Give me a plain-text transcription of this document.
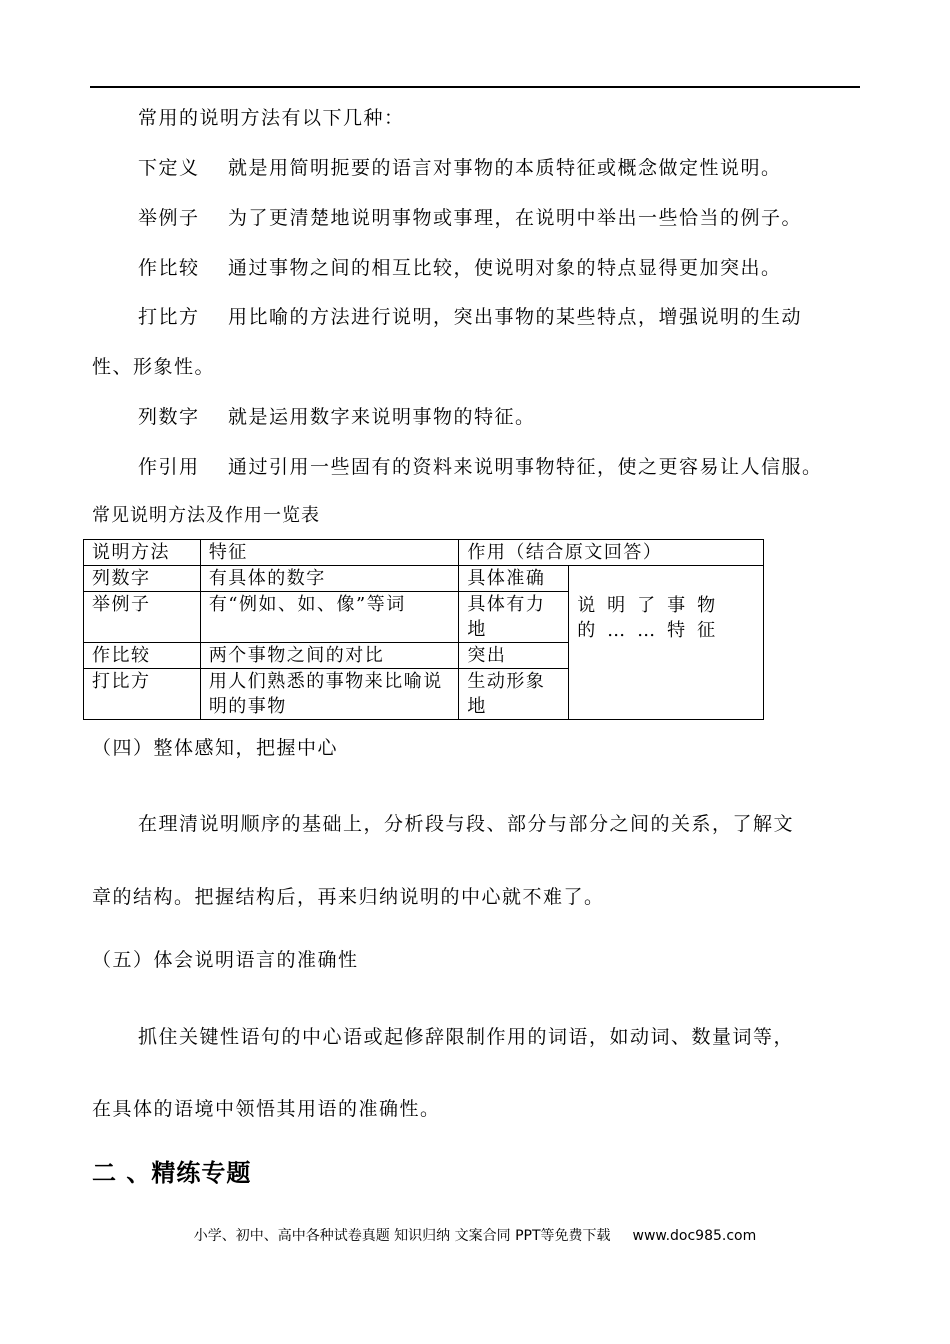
常用的说明方法有以下几种：
下定义 就是用简明扼要的语言对事物的本质特征或概念做定性说明。
举例子 为了更清楚地说明事物或事理，在说明中举出一些恰当的例子。
作比较 通过事物之间的相互比较，使说明对象的特点显得更加突出。
打比方 用比喻的方法进行说明，突出事物的某些特点，增强说明的生动
性、形象性。
列数字 就是运用数字来说明事物的特征。
作引用 通过引用一些固有的资料来说明事物特征，使之更容易让人信服。
常见说明方法及作用一览表
说明方法	特征	作用（结合原文回答）	
列数字	有具体的数字	具体准确	说明了事物的……特征
举例子	有“例如、如、像”等词	具体有力地	
作比较	两个事物之间的对比	突出	
打比方	用人们熟悉的事物来比喻说明的事物	生动形象地	
（四）整体感知，把握中心
在理清说明顺序的基础上，分析段与段、部分与部分之间的关系，了解文
章的结构。把握结构后，再来归纳说明的中心就不难了。
（五）体会说明语言的准确性
抓住关键性语句的中心语或起修辞限制作用的词语，如动词、数量词等，
在具体的语境中领悟其用语的准确性。
二 、精练专题
小学、初中、高中各种试卷真题 知识归纳 文案合同 PPT等免费下载 www.doc985.com
